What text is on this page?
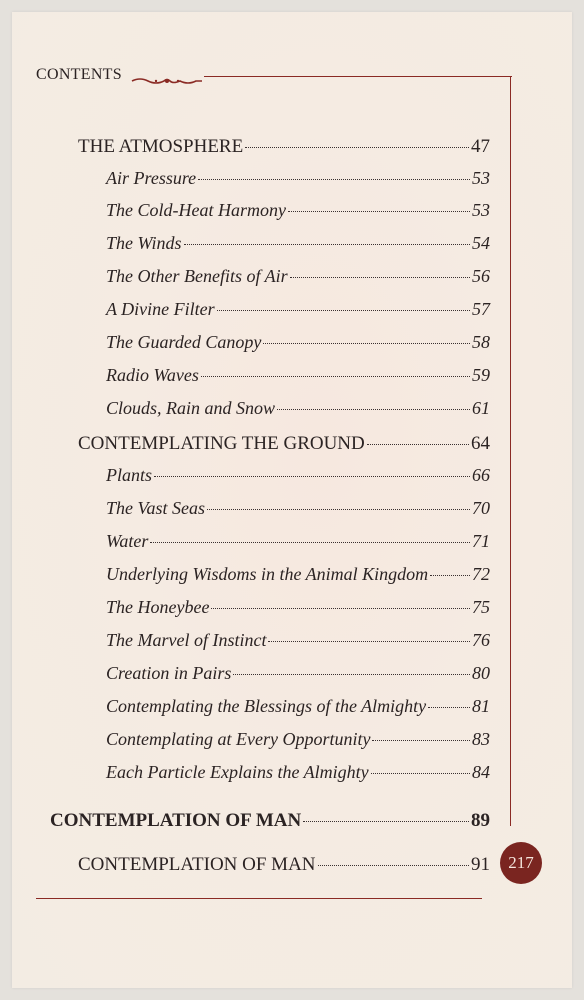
CONTENTS
THE ATMOSPHERE	47
Air Pressure	53
The Cold-Heat Harmony	53
The Winds	54
The Other Benefits of Air	56
A Divine Filter	57
The Guarded Canopy	58
Radio Waves	59
Clouds, Rain and Snow	61
CONTEMPLATING THE GROUND	64
Plants	66
The Vast Seas	70
Water	71
Underlying Wisdoms in the Animal Kingdom 72
The Honeybee	75
The Marvel of Instinct	76
Creation in Pairs	80
Contemplating the Blessings of the Almighty	81
Contemplating at Every Opportunity	83
Each Particle Explains the Almighty	84
CONTEMPLATION OF MAN	89
CONTEMPLATION OF MAN	91	217
